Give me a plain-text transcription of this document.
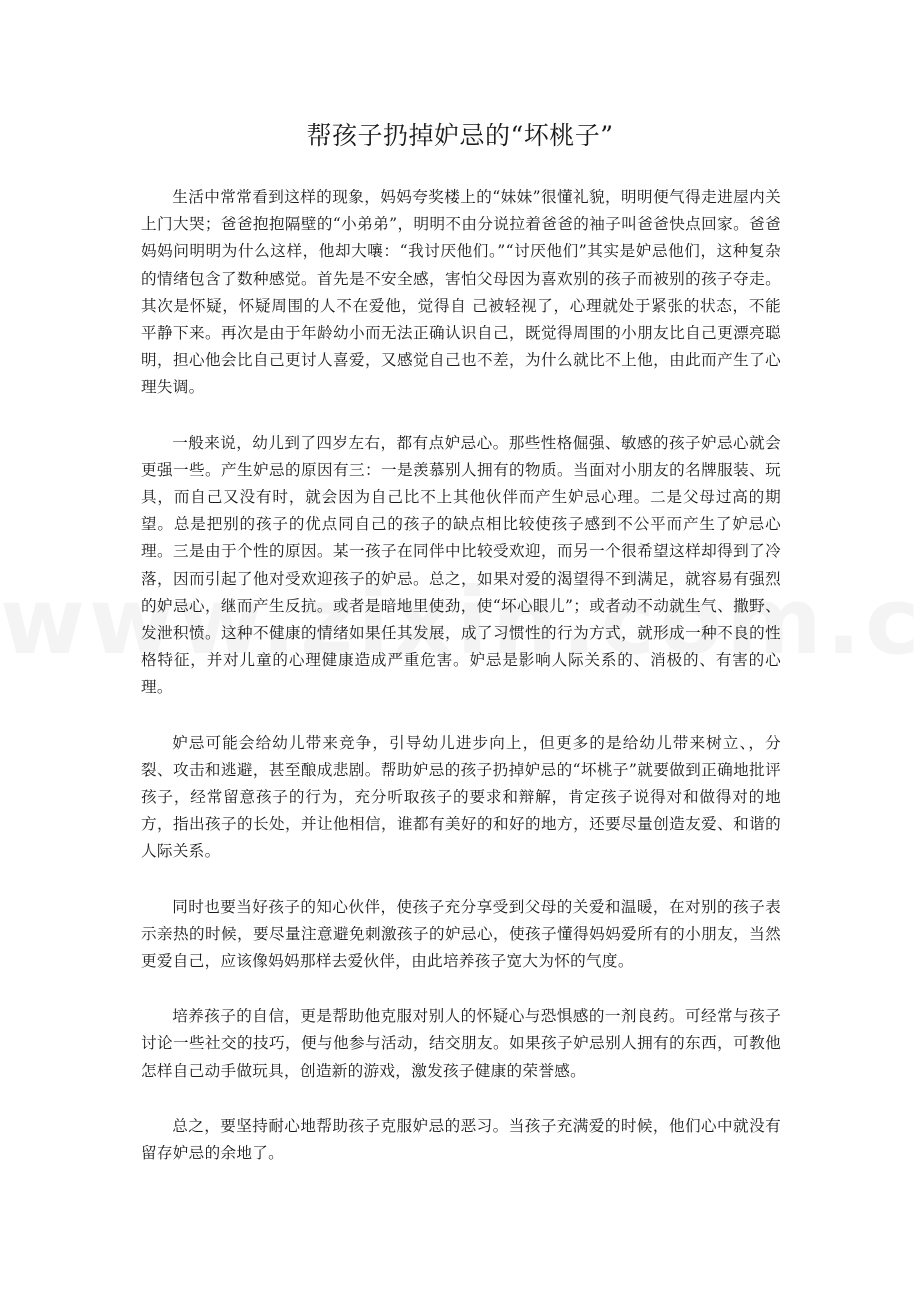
帮孩子扔掉妒忌的“坏桃子”

生活中常常看到这样的现象，妈妈夸奖楼上的“妹妹”很懂礼貌，明明便气得走进屋内关上门大哭；爸爸抱抱隔壁的“小弟弟”，明明不由分说拉着爸爸的袖子叫爸爸快点回家。爸爸妈妈问明明为什么这样，他却大嚷：“我讨厌他们。”“讨厌他们”其实是妒忌他们，这种复杂的情绪包含了数种感觉。首先是不安全感，害怕父母因为喜欢别的孩子而被别的孩子夺走。其次是怀疑，怀疑周围的人不在爱他，觉得自 己被轻视了，心理就处于紧张的状态，不能平静下来。再次是由于年龄幼小而无法正确认识自己，既觉得周围的小朋友比自己更漂亮聪明，担心他会比自己更讨人喜爱，又感觉自己也不差，为什么就比不上他，由此而产生了心理失调。

一般来说，幼儿到了四岁左右，都有点妒忌心。那些性格倔强、敏感的孩子妒忌心就会更强一些。产生妒忌的原因有三：一是羡慕别人拥有的物质。当面对小朋友的名牌服装、玩具，而自己又没有时，就会因为自己比不上其他伙伴而产生妒忌心理。二是父母过高的期望。总是把别的孩子的优点同自己的孩子的缺点相比较使孩子感到不公平而产生了妒忌心理。三是由于个性的原因。某一孩子在同伴中比较受欢迎，而另一个很希望这样却得到了冷落，因而引起了他对受欢迎孩子的妒忌。总之，如果对爱的渴望得不到满足，就容易有强烈的妒忌心，继而产生反抗。或者是暗地里使劲，使“坏心眼儿”；或者动不动就生气、撒野、发泄积愤。这种不健康的情绪如果任其发展，成了习惯性的行为方式，就形成一种不良的性格特征，并对儿童的心理健康造成严重危害。妒忌是影响人际关系的、消极的、有害的心理。

妒忌可能会给幼儿带来竞争，引导幼儿进步向上，但更多的是给幼儿带来树立、，分裂、攻击和逃避，甚至酿成悲剧。帮助妒忌的孩子扔掉妒忌的“坏桃子”就要做到正确地批评孩子，经常留意孩子的行为，充分听取孩子的要求和辩解，肯定孩子说得对和做得对的地方，指出孩子的长处，并让他相信，谁都有美好的和好的地方，还要尽量创造友爱、和谐的人际关系。

同时也要当好孩子的知心伙伴，使孩子充分享受到父母的关爱和温暖，在对别的孩子表示亲热的时候，要尽量注意避免刺激孩子的妒忌心，使孩子懂得妈妈爱所有的小朋友，当然更爱自己，应该像妈妈那样去爱伙伴，由此培养孩子宽大为怀的气度。

培养孩子的自信，更是帮助他克服对别人的怀疑心与恐惧感的一剂良药。可经常与孩子讨论一些社交的技巧，便与他参与活动，结交朋友。如果孩子妒忌别人拥有的东西，可教他怎样自己动手做玩具，创造新的游戏，激发孩子健康的荣誉感。

总之，要坚持耐心地帮助孩子克服妒忌的恶习。当孩子充满爱的时候，他们心中就没有留存妒忌的余地了。
